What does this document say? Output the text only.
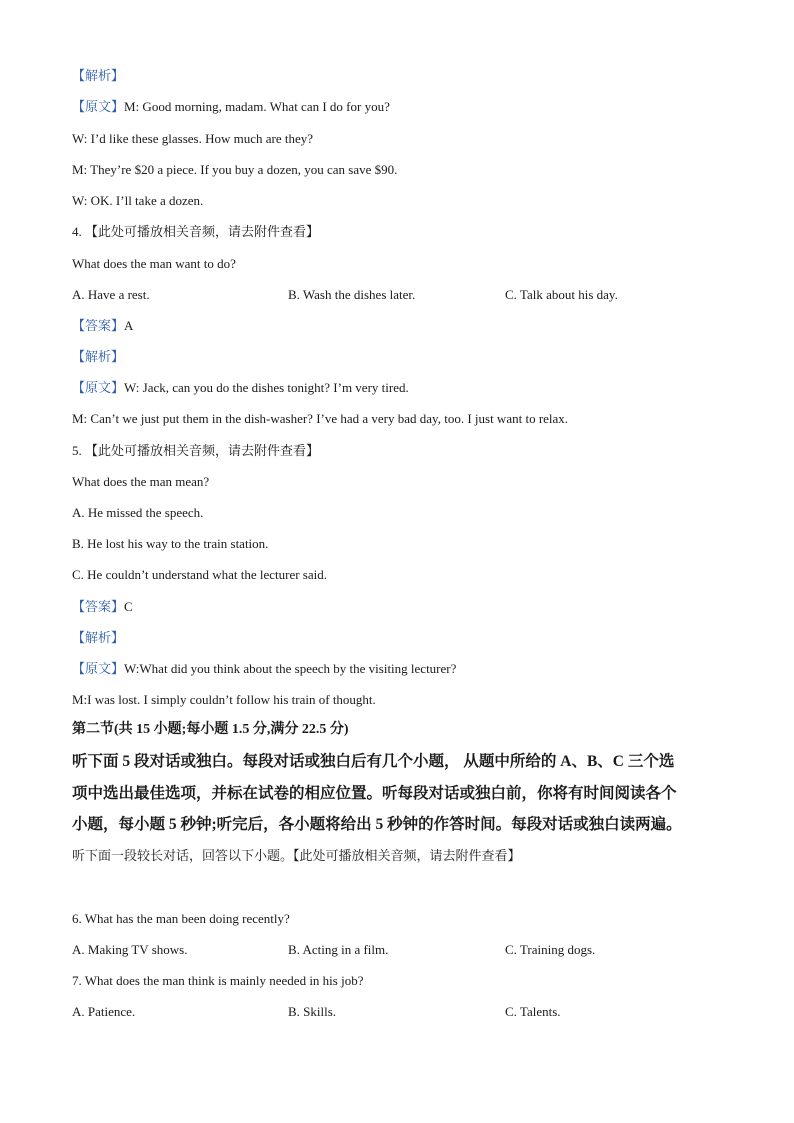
【解析】
【原文】M: Good morning, madam. What can I do for you?
W: I’d like these glasses. How much are they?
M: They’re $20 a piece. If you buy a dozen, you can save $90.
W: OK. I’ll take a dozen.
4. 【此处可播放相关音频，请去附件查看】
What does the man want to do?
A. Have a rest.	B. Wash the dishes later.	C. Talk about his day.
【答案】A
【解析】
【原文】W: Jack, can you do the dishes tonight? I’m very tired.
M: Can’t we just put them in the dish-washer? I’ve had a very bad day, too. I just want to relax.
5. 【此处可播放相关音频，请去附件查看】
What does the man mean?
A. He missed the speech.
B. He lost his way to the train station.
C. He couldn’t understand what the lecturer said.
【答案】C
【解析】
【原文】W:What did you think about the speech by the visiting lecturer?
M:I was lost. I simply couldn’t follow his train of thought.
第二节(共 15 小题;每小题 1.5 分,满分 22.5 分)
听下面 5 段对话或独白。每段对话或独白后有几个小题， 从题中所给的 A、B、C 三个选
项中选出最佳选项，并标在试卷的相应位置。听每段对话或独白前，你将有时间阅读各个
小题，每小题 5 秒钟;听完后，各小题将给出 5 秒钟的作答时间。每段对话或独白读两遍。
听下面一段较长对话，回答以下小题。【此处可播放相关音频，请去附件查看】
6. What has the man been doing recently?
A. Making TV shows.	B. Acting in a film.	C. Training dogs.
7. What does the man think is mainly needed in his job?
A. Patience.	B. Skills.	C. Talents.
